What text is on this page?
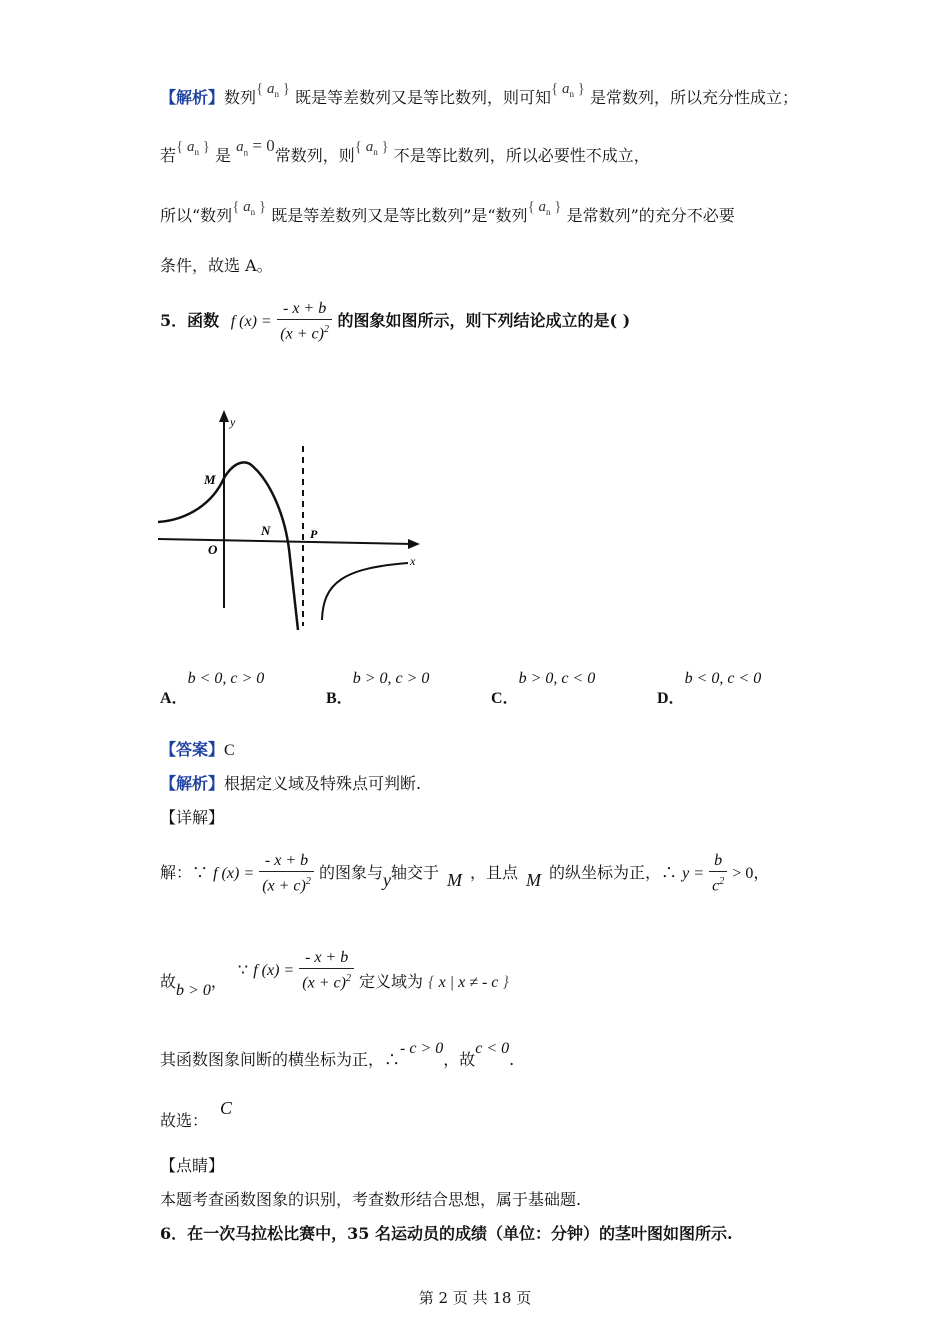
【解析】数列{ $a_n$ } 既是等差数列又是等比数列，则可知{ $a_n$ } 是常数列，所以充分性成立；
若{ $a_n$ } 是 $a_n = 0$常数列，则{ $a_n$ } 不是等比数列，所以必要性不成立，
所以“数列{ $a_n$ } 既是等差数列又是等比数列”是“数列{ $a_n$ } 是常数列”的充分不必要
条件，故选 A。
5．函数 f $(x) = \frac{- x + b}{(x + c)^2}$ 的图象如图所示，则下列结论成立的是( )
y
x
M
N	P
O
A．b < 0, c > 0
B．b > 0, c > 0
C．b > 0, c < 0
D．b < 0, c < 0
【答案】C
【解析】根据定义域及特殊点可判断.
【详解】
解：∵ f $(x) = \frac{- x + b}{(x + c)^2}$ 的图象与y轴交于 M ，且点 M 的纵坐标为正，∴ $y = \frac{b}{c^2} > 0$，
故b > 0， ∵ f $(x) = \frac{- x + b}{(x + c)^2}$ 定义域为 { x | x ≠ - c }
其函数图象间断的横坐标为正，∴- c > 0，故c < 0.
故选：C
【点睛】
本题考查函数图象的识别，考查数形结合思想，属于基础题.
6．在一次马拉松比赛中，35 名运动员的成绩（单位：分钟）的茎叶图如图所示.
第 2 页 共 18 页
